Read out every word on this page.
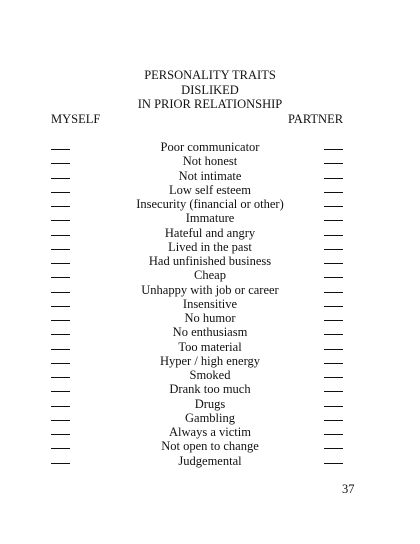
PERSONALITY TRAITS
DISLIKED
IN PRIOR RELATIONSHIP
MYSELF	PARTNER
Poor communicator
Not honest
Not intimate
Low self esteem
Insecurity (financial or other)
Immature
Hateful and angry
Lived in the past
Had unfinished business
Cheap
Unhappy with job or career
Insensitive
No humor
No enthusiasm
Too material
Hyper / high energy
Smoked
Drank too much
Drugs
Gambling
Always a victim
Not open to change
Judgemental
37
